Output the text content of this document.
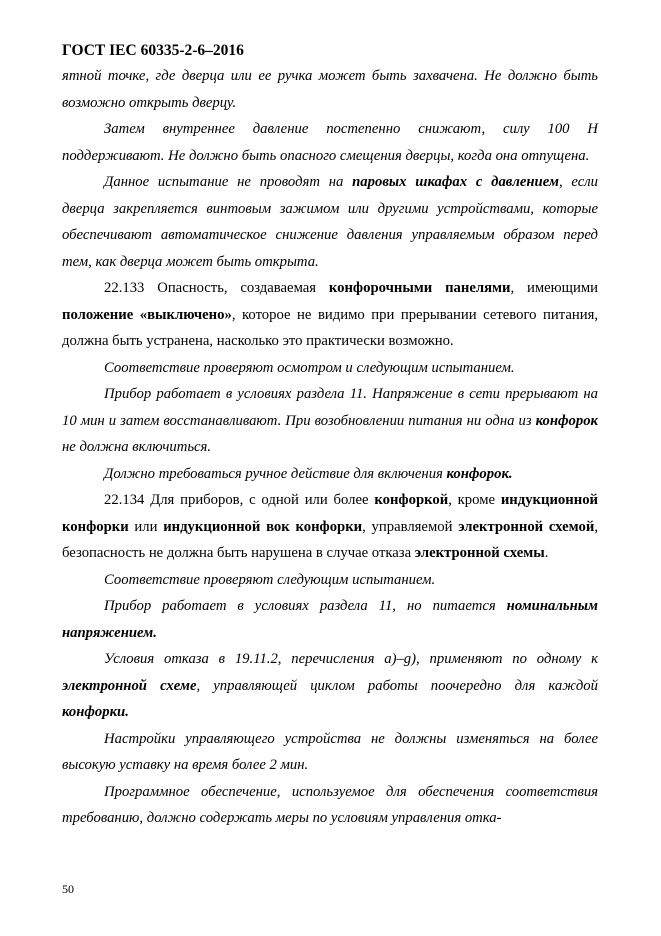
ГОСТ IEC 60335-2-6–2016

ятной точке, где дверца или ее ручка может быть захвачена. Не должно быть возможно открыть дверцу.

Затем внутреннее давление постепенно снижают, силу 100 Н поддерживают. Не должно быть опасного смещения дверцы, когда она отпущена.

Данное испытание не проводят на паровых шкафах с давлением, если дверца закрепляется винтовым зажимом или другими устройствами, которые обеспечивают автоматическое снижение давления управляемым образом перед тем, как дверца может быть открыта.

22.133 Опасность, создаваемая конфорочными панелями, имеющими положение «выключено», которое не видимо при прерывании сетевого питания, должна быть устранена, насколько это практически возможно.

Соответствие проверяют осмотром и следующим испытанием.

Прибор работает в условиях раздела 11. Напряжение в сети прерывают на 10 мин и затем восстанавливают. При возобновлении питания ни одна из конфорок не должна включиться.

Должно требоваться ручное действие для включения конфорок.

22.134 Для приборов, с одной или более конфоркой, кроме индукционной конфорки или индукционной вок конфорки, управляемой электронной схемой, безопасность не должна быть нарушена в случае отказа электронной схемы.

Соответствие проверяют следующим испытанием.

Прибор работает в условиях раздела 11, но питается номинальным напряжением.

Условия отказа в 19.11.2, перечисления a)–g), применяют по одному к электронной схеме, управляющей циклом работы поочередно для каждой конфорки.

Настройки управляющего устройства не должны изменяться на более высокую уставку на время более 2 мин.

Программное обеспечение, используемое для обеспечения соответствия требованию, должно содержать меры по условиям управления отка-

50
